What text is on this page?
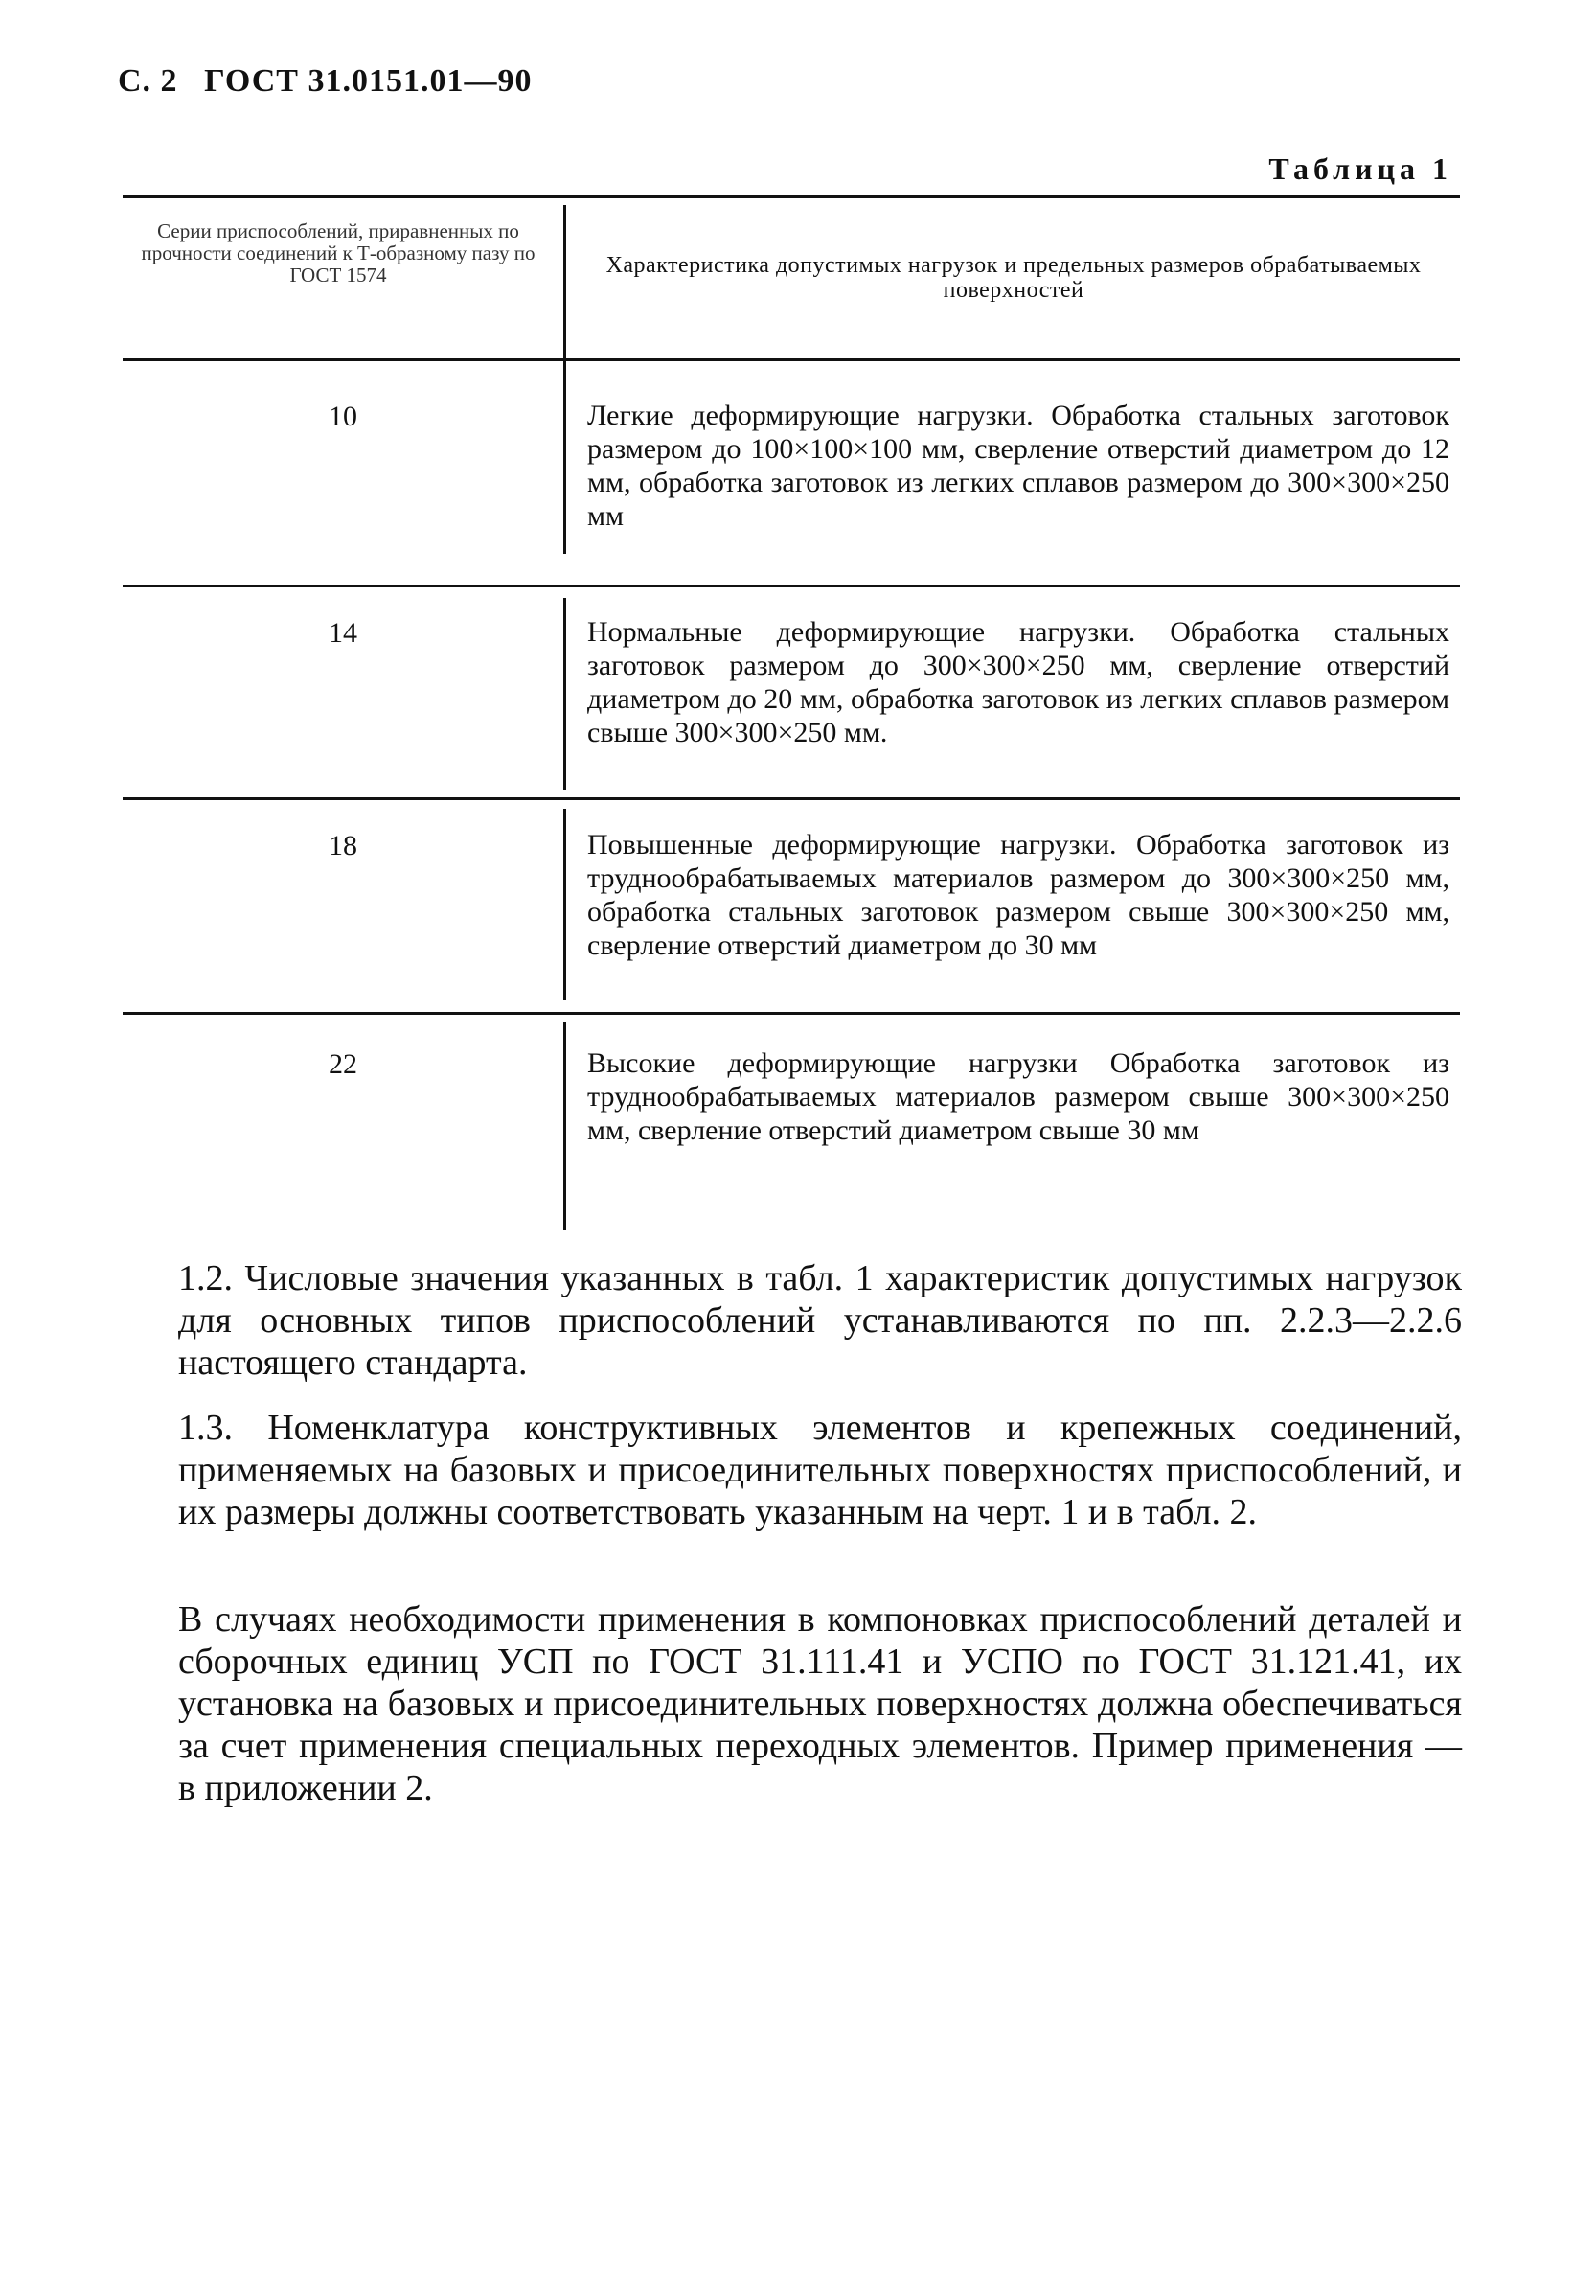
С. 2 ГОСТ 31.0151.01—90
Таблица 1
Серии приспособлений, приравненных по прочности соединений к Т-образному пазу по ГОСТ 1574	Характеристика допустимых нагрузок и предельных размеров обрабатываемых поверхностей
10	Легкие деформирующие нагрузки. Обработка стальных заготовок размером до 100×100×100 мм, сверление отверстий диаметром до 12 мм, обработка заготовок из легких сплавов размером до 300×300×250 мм
14	Нормальные деформирующие нагрузки. Обработка стальных заготовок размером до 300×300×250 мм, сверление отверстий диаметром до 20 мм, обработка заготовок из легких сплавов размером свыше 300×300×250 мм.
18	Повышенные деформирующие нагрузки. Обработка заготовок из труднообрабатываемых материалов размером до 300×300×250 мм, обработка стальных заготовок размером свыше 300×300×250 мм, сверление отверстий диаметром до 30 мм
22	Высокие деформирующие нагрузки Обработка заготовок из труднообрабатываемых материалов размером свыше 300×300×250 мм, сверление отверстий диаметром свыше 30 мм
1.2. Числовые значения указанных в табл. 1 характеристик допустимых нагрузок для основных типов приспособлений устанавливаются по пп. 2.2.3—2.2.6 настоящего стандарта.
1.3. Номенклатура конструктивных элементов и крепежных соединений, применяемых на базовых и присоединительных поверхностях приспособлений, и их размеры должны соответствовать указанным на черт. 1 и в табл. 2.
В случаях необходимости применения в компоновках приспособлений деталей и сборочных единиц УСП по ГОСТ 31.111.41 и УСПО по ГОСТ 31.121.41, их установка на базовых и присоединительных поверхностях должна обеспечиваться за счет применения специальных переходных элементов. Пример применения — в приложении 2.
